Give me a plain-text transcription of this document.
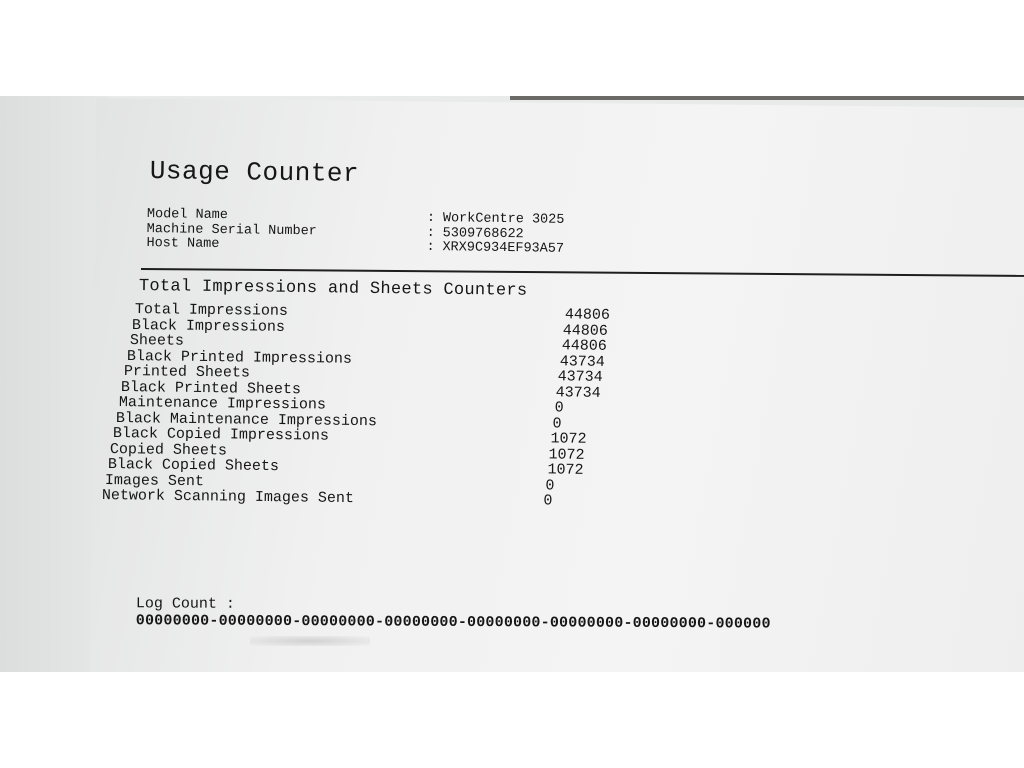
Usage Counter
Model Name	: WorkCentre 3025
Machine Serial Number	: 5309768622
Host Name	: XRX9C934EF93A57
Total Impressions and Sheets Counters
Total Impressions	44806
Black Impressions	44806
Sheets	44806
Black Printed Impressions	43734
Printed Sheets	43734
Black Printed Sheets	43734
Maintenance Impressions	0
Black Maintenance Impressions	0
Black Copied Impressions	1072
Copied Sheets	1072
Black Copied Sheets	1072
Images Sent	0
Network Scanning Images Sent	0

Log Count :
00000000-00000000-00000000-00000000-00000000-00000000-00000000-000000
